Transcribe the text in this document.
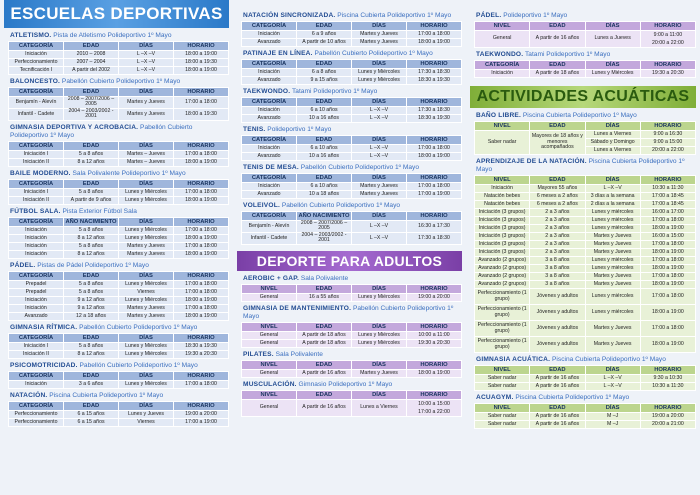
ESCUELAS DEPORTIVAS
ATLETISMO. Pista de Atletismo Polideportivo 1º Mayo
CATEGORÍA	EDAD	DÍAS	HORARIO
Iniciación	2010 – 2008	L –X –V	18:00 a 19:00
Perfeccionamiento	2007 – 2004	L –X –V	18:00 a 19:30
Tecnificación I	A partir del 2002	L –X –V	18:00 a 19:00
BALONCESTO. Pabellón Cubierto Polideportivo 1º Mayo
CATEGORÍA	EDAD	DÍAS	HORARIO
Benjamín - Alevín	2008 – 2007/2006 – 2005	Martes y Jueves	17:00 a 18:00
Infantil - Cadete	2004 – 2003/2002 - 2001	Martes y Jueves	18:00 a 19:30
GIMNASIA DEPORTIVA Y ACROBACIA. Pabellón Cubierto Polideportivo 1º Mayo
CATEGORÍA	EDAD	DÍAS	HORARIO
Iniciación I	5 a 8 años	Martes – Jueves	17:00 a 18:00
Iniciación II	8 a 12 años	Martes – Jueves	18:00 a 19:00
BAILE MODERNO. Sala Polivalente Polideportivo 1º Mayo
CATEGORÍA	EDAD	DÍAS	HORARIO
Iniciación I	5 a 8 años	Lunes y Miércoles	17:00 a 18:00
Iniciación II	A partir de 9 años	Lunes y Miércoles	18:00 a 19:00
FÚTBOL SALA. Pista Exterior Fútbol Sala
CATEGORÍA	AÑO NACIMIENTO	DÍAS	HORARIO
Iniciación	5 a 8 años	Lunes y Miércoles	17:00 a 18:00
Iniciación	8 a 12 años	Lunes y Miércoles	18:00 a 19:00
Iniciación	5 a 8 años	Martes y Jueves	17:00 a 18:00
Iniciación	8 a 12 años	Martes y Jueves	18:00 a 19:00
PÁDEL. Pistas de Pádel Polideportivo 1º Mayo
CATEGORÍA	EDAD	DÍAS	HORARIO
Prepadel	5 a 8 años	Lunes y Miércoles	17:00 a 18:00
Prepadel	5 a 8 años	Viernes	17:00 a 18:00
Iniciación	9 a 12 años	Lunes y Miércoles	18:00 a 19:00
Iniciación	9 a 12 años	Martes y Jueves	17:00 a 18:00
Avanzado	12 a 18 años	Martes y Jueves	18:00 a 19:00
GIMNASIA RÍTMICA. Pabellón Cubierto Polideportivo 1º Mayo
CATEGORÍA	EDAD	DÍAS	HORARIO
Iniciación I	5 a 8 años	Lunes y Miércoles	18:30 a 19:30
Iniciación II	8 a 12 años	Lunes y Miércoles	19:30 a 20:30
PSICOMOTRICIDAD. Pabellón Cubierto Polideportivo 1º Mayo
CATEGORÍA	EDAD	DÍAS	HORARIO
Iniciación	3 a 6 años	Lunes y Miércoles	17:00 a 18:00
NATACIÓN. Piscina Cubierta Polideportivo 1º Mayo
CATEGORÍA	EDAD	DÍAS	HORARIO
Perfeccionamiento	6 a 15 años	Lunes y Jueves	19:00 a 20:00
Perfeccionamiento	6 a 15 años	Viernes	17:00 a 19:00
NATACIÓN SINCRONIZADA. Piscina Cubierta Polideportivo 1º Mayo
CATEGORÍA	EDAD	DÍAS	HORARIO
Iniciación	6 a 9 años	Martes y Jueves	17:00 a 18:00
Avanzado	A partir de 10 años	Martes y Jueves	18:00 a 19:00
PATINAJE EN LÍNEA. Pabellón Cubierto Polideportivo 1º Mayo
CATEGORÍA	EDAD	DÍAS	HORARIO
Iniciación	6 a 8 años	Lunes y Miércoles	17:30 a 18:30
Avanzado	9 a 15 años	Lunes y Miércoles	18:30 a 19:30
TAEKWONDO. Tatami Polideportivo 1º Mayo
CATEGORÍA	EDAD	DÍAS	HORARIO
Iniciación	6 a 10 años	L –X –V	17:30 a 18:30
Avanzado	10 a 16 años	L –X –V	18:30 a 19:30
TENIS. Polideportivo 1º Mayo
CATEGORÍA	EDAD	DÍAS	HORARIO
Iniciación	6 a 10 años	L –X –V	17:00 a 18:00
Avanzado	10 a 16 años	L –X –V	18:00 a 19:00
TENIS DE MESA. Pabellón Cubierto Polideportivo 1º Mayo
CATEGORÍA	EDAD	DÍAS	HORARIO
Iniciación	6 a 10 años	Martes y Jueves	17:00 a 18:00
Avanzado	10 a 18 años	Martes y Jueves	17:00 a 19:00
VOLEIVOL. Pabellón Cubierto Polideportivo 1º Mayo
CATEGORÍA	AÑO NACIMIENTO	DÍAS	HORARIO
Benjamín - Alevín	2008 – 2007/2006 – 2005	L –X –V	16:30 a 17:30
Infantil - Cadete	2004 – 2003/2002 - 2001	L –X –V	17:30 a 18:30
DEPORTE PARA ADULTOS
AEROBIC + GAP. Sala Polivalente
NIVEL	EDAD	DÍAS	HORARIO
General	16 a 55 años	Lunes y Miércoles	19:00 a 20:00
GIMNASIA DE MANTENIMIENTO. Pabellón Cubierto Polideportivo 1º Mayo
NIVEL	EDAD	DÍAS	HORARIO
General	A partir de 18 años	Lunes y Miércoles	10:00 a 11:00
General	A partir de 18 años	Lunes y Miércoles	19:30 a 20:30
PILATES. Sala Polivalente
NIVEL	EDAD	DÍAS	HORARIO
General	A partir de 16 años	Martes y Jueves	18:00 a 19:00
MUSCULACIÓN. Gimnasio Polideportivo 1º Mayo
NIVEL	EDAD	DÍAS	HORARIO
General	A partir de 16 años	Lunes a Viernes	10:00 a 15:00
17:00 a 22:00
PÁDEL. Polideportivo 1º Mayo
NIVEL	EDAD	DÍAS	HORARIO
General	A partir de 16 años	Lunes a Jueves	9:00 a 11:00
20:00 a 22:00
TAEKWONDO. Tatami Polideportivo 1º Mayo
CATEGORÍA	EDAD	DÍAS	HORARIO
Iniciación	A partir de 18 años	Lunes y Miércoles	19:30 a 20:30
ACTIVIDADES ACUÁTICAS
BAÑO LIBRE. Piscina Cubierta Polideportivo 1º Mayo
NIVEL	EDAD	DÍAS	HORARIO
Saber nadar	Mayores de 18 años y menores acompañados	Lunes a Viernes	9:00 a 16:30
		Sábado y Domingo	9:00 a 15:00
		Lunes a Viernes	20:00 a 22:00
APRENDIZAJE DE LA NATACIÓN. Piscina Cubierta Polideportivo 1º Mayo
NIVEL	EDAD	DÍAS	HORARIO
Iniciación	Mayores 55 años	L –X –V	10:30 a 11:30
Natación bebes	6 meses a 2 años	3 días a la semana	17:00 a 18:45
Natación bebes	6 meses a 2 años	2 días a la semana	17:00 a 18:45
Iniciación (3 grupos)	2 a 3 años	Lunes y miércoles	16:00 a 17:00
Iniciación (3 grupos)	2 a 3 años	Lunes y miércoles	17:00 a 18:00
Iniciación (3 grupos)	2 a 3 años	Lunes y miércoles	18:00 a 19:00
Iniciación (3 grupos)	2 a 3 años	Martes y Jueves	16:00 a 15:00
Iniciación (3 grupos)	2 a 3 años	Martes y Jueves	17:00 a 18:00
Iniciación (3 grupos)	2 a 3 años	Martes y Jueves	18:00 a 19:00
Avanzado (2 grupos)	3 a 8 años	Lunes y miércoles	17:00 a 18:00
Avanzado (2 grupos)	3 a 8 años	Lunes y miércoles	18:00 a 19:00
Avanzado (2 grupos)	3 a 8 años	Martes y Jueves	17:00 a 18:00
Avanzado (2 grupos)	3 a 8 años	Martes y Jueves	18:00 a 19:00
Perfeccionamiento (1 grupo)	Jóvenes y adultos	Lunes y miércoles	17:00 a 18:00
Perfeccionamiento (1 grupo)	Jóvenes y adultos	Lunes y miércoles	18:00 a 19:00
Perfeccionamiento (1 grupo)	Jóvenes y adultos	Martes y Jueves	17:00 a 18:00
Perfeccionamiento (1 grupo)	Jóvenes y adultos	Martes y Jueves	18:00 a 19:00
GIMNASIA ACUÁTICA. Piscina Cubierta Polideportivo 1º Mayo
NIVEL	EDAD	DÍAS	HORARIO
Saber nadar	A partir de 16 años	L –X –V	9:30 a 10:30
Saber nadar	A partir de 16 años	L –X –V	10:30 a 11:30
ACUAGYM. Piscina Cubierta Polideportivo 1º Mayo
NIVEL	EDAD	DÍAS	HORARIO
Saber nadar	A partir de 16 años	M –J	19:00 a 20:00
Saber nadar	A partir de 16 años	M –J	20:00 a 21:00
